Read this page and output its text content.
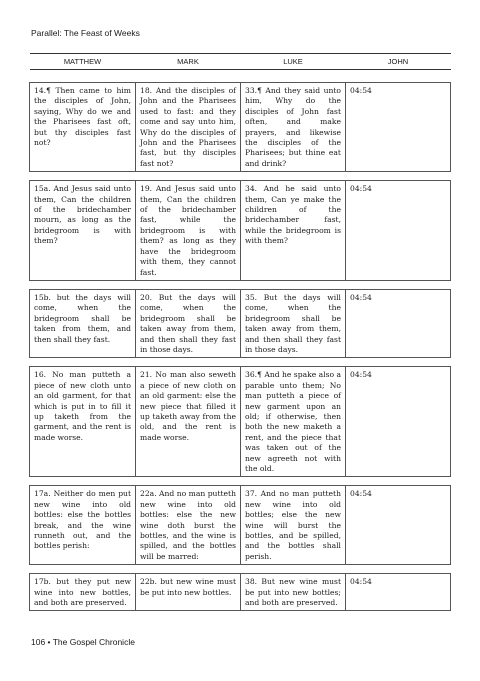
Parallel: The Feast of Weeks
MATTHEW	MARK	LUKE	JOHN

14.¶ Then came to him the disciples of John, saying, Why do we and the Pharisees fast oft, but thy disciples fast not?	18. And the disciples of John and the Pharisees used to fast: and they come and say unto him, Why do the disciples of John and the Pharisees fast, but thy disciples fast not?	33.¶ And they said unto him, Why do the disciples of John fast often, and make prayers, and likewise the disciples of the Pharisees; but thine eat and drink?	04:54

15a. And Jesus said unto them, Can the children of the bridechamber mourn, as long as the bridegroom is with them?	19. And Jesus said unto them, Can the children of the bridechamber fast, while the bridegroom is with them? as long as they have the bridegroom with them, they cannot fast.	34. And he said unto them, Can ye make the children of the bridechamber fast, while the bridegroom is with them?	04:54

15b. but the days will come, when the bridegroom shall be taken from them, and then shall they fast.	20. But the days will come, when the bridegroom shall be taken away from them, and then shall they fast in those days.	35. But the days will come, when the bridegroom shall be taken away from them, and then shall they fast in those days.	04:54

16. No man putteth a piece of new cloth unto an old garment, for that which is put in to fill it up taketh from the garment, and the rent is made worse.	21. No man also seweth a piece of new cloth on an old garment: else the new piece that filled it up taketh away from the old, and the rent is made worse.	36.¶ And he spake also a parable unto them; No man putteth a piece of new garment upon an old; if otherwise, then both the new maketh a rent, and the piece that was taken out of the new agreeth not with the old.	04:54

17a. Neither do men put new wine into old bottles: else the bottles break, and the wine runneth out, and the bottles perish:	22a. And no man putteth new wine into old bottles: else the new wine doth burst the bottles, and the wine is spilled, and the bottles will be marred:	37. And no man putteth new wine into old bottles; else the new wine will burst the bottles, and be spilled, and the bottles shall perish.	04:54

17b. but they put new wine into new bottles, and both are preserved.	22b. but new wine must be put into new bottles.	38. But new wine must be put into new bottles; and both are preserved.	04:54
106 • The Gospel Chronicle
